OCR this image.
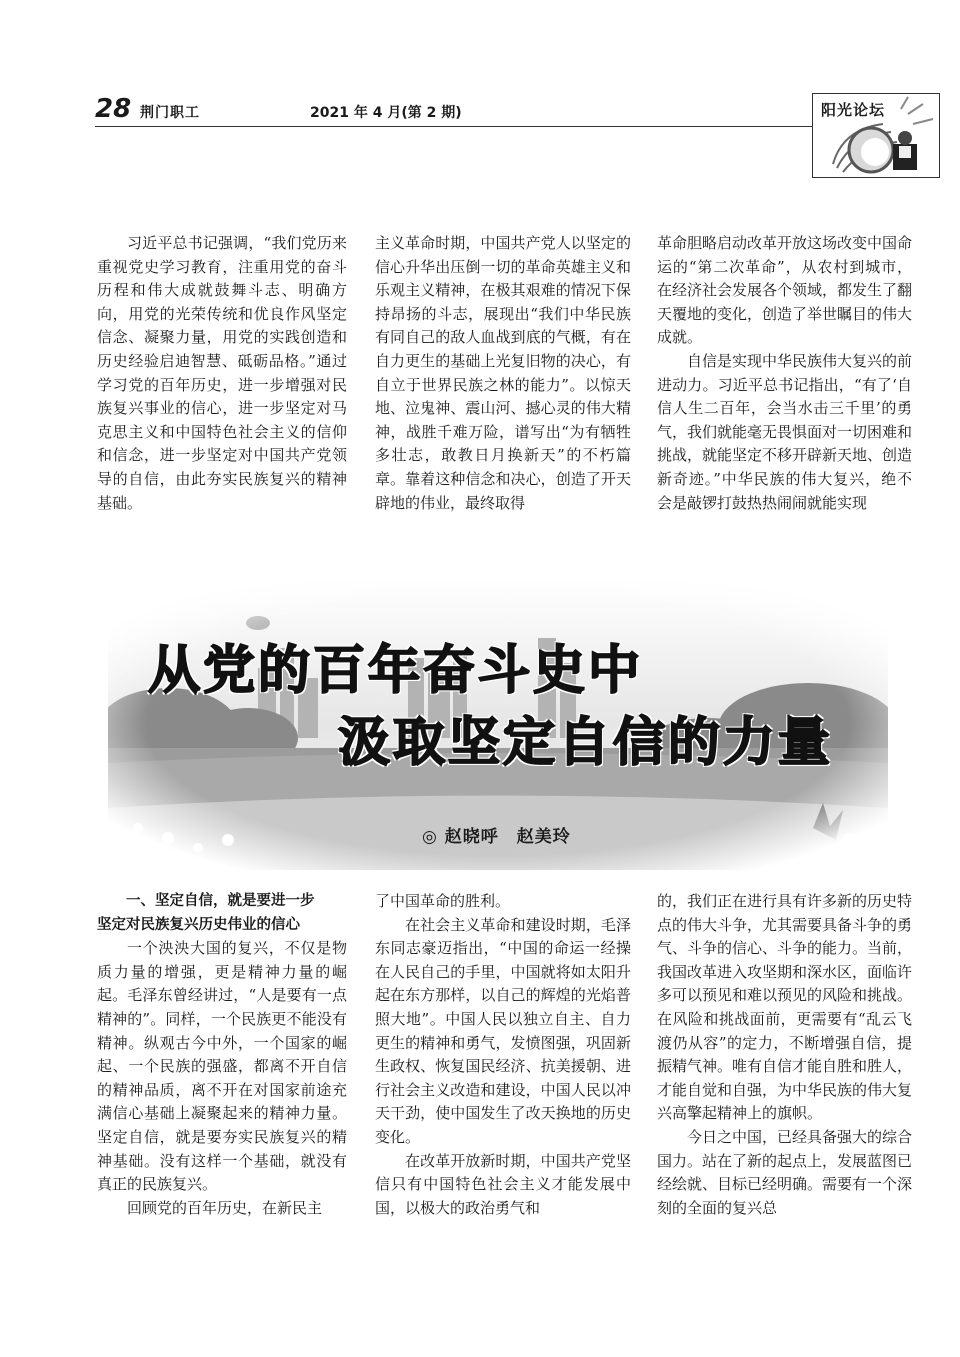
28 荆门职工	2021 年 4 月(第 2 期)	阳光论坛

习近平总书记强调，“我们党历来重视党史学习教育，注重用党的奋斗历程和伟大成就鼓舞斗志、明确方向，用党的光荣传统和优良作风坚定信念、凝聚力量，用党的实践创造和历史经验启迪智慧、砥砺品格。”通过学习党的百年历史，进一步增强对民族复兴事业的信心，进一步坚定对马克思主义和中国特色社会主义的信仰和信念，进一步坚定对中国共产党领导的自信，由此夯实民族复兴的精神基础。

主义革命时期，中国共产党人以坚定的信心升华出压倒一切的革命英雄主义和乐观主义精神，在极其艰难的情况下保持昂扬的斗志，展现出“我们中华民族有同自己的敌人血战到底的气概，有在自力更生的基础上光复旧物的决心，有自立于世界民族之林的能力”。以惊天地、泣鬼神、震山河、撼心灵的伟大精神，战胜千难万险，谱写出“为有牺牲多壮志，敢教日月换新天”的不朽篇章。靠着这种信念和决心，创造了开天辟地的伟业，最终取得

革命胆略启动改革开放这场改变中国命运的“第二次革命”，从农村到城市，在经济社会发展各个领域，都发生了翻天覆地的变化，创造了举世瞩目的伟大成就。

自信是实现中华民族伟大复兴的前进动力。习近平总书记指出，“有了‘自信人生二百年，会当水击三千里’的勇气，我们就能毫无畏惧面对一切困难和挑战，就能坚定不移开辟新天地、创造新奇迹。”中华民族的伟大复兴，绝不会是敲锣打鼓热热闹闹就能实现

从党的百年奋斗史中
汲取坚定自信的力量
◎ 赵晓呼　赵美玲

一、坚定自信，就是要进一步

坚定对民族复兴历史伟业的信心

一个泱泱大国的复兴，不仅是物质力量的增强，更是精神力量的崛起。毛泽东曾经讲过，“人是要有一点精神的”。同样，一个民族更不能没有精神。纵观古今中外，一个国家的崛起、一个民族的强盛，都离不开自信的精神品质，离不开在对国家前途充满信心基础上凝聚起来的精神力量。坚定自信，就是要夯实民族复兴的精神基础。没有这样一个基础，就没有真正的民族复兴。

回顾党的百年历史，在新民主

了中国革命的胜利。

在社会主义革命和建设时期，毛泽东同志豪迈指出，“中国的命运一经操在人民自己的手里，中国就将如太阳升起在东方那样，以自己的辉煌的光焰普照大地”。中国人民以独立自主、自力更生的精神和勇气，发愤图强，巩固新生政权、恢复国民经济、抗美援朝、进行社会主义改造和建设，中国人民以冲天干劲，使中国发生了改天换地的历史变化。

在改革开放新时期，中国共产党坚信只有中国特色社会主义才能发展中国，以极大的政治勇气和

的，我们正在进行具有许多新的历史特点的伟大斗争，尤其需要具备斗争的勇气、斗争的信心、斗争的能力。当前，我国改革进入攻坚期和深水区，面临许多可以预见和难以预见的风险和挑战。在风险和挑战面前，更需要有“乱云飞渡仍从容”的定力，不断增强自信，提振精气神。唯有自信才能自胜和胜人，才能自觉和自强，为中华民族的伟大复兴高擎起精神上的旗帜。

今日之中国，已经具备强大的综合国力。站在了新的起点上，发展蓝图已经绘就、目标已经明确。需要有一个深刻的全面的复兴总
